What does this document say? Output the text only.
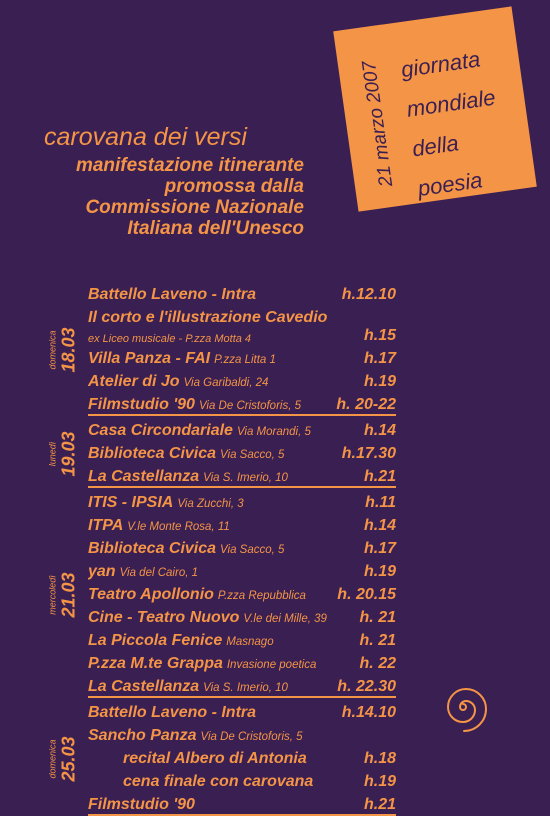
21 marzo 2007 giornata
mondiale
della
poesia
carovana dei versi
manifestazione itinerante
promossa dalla
Commissione Nazionale
Italiana dell'Unesco
domenica 18.03
Battello Laveno - Intra	h.12.10
Il corto e l'illustrazione Cavedio
ex Liceo musicale - P.zza Motta 4	h.15
Villa Panza - FAI P.zza Litta 1	h.17
Atelier di Jo Via Garibaldi, 24	h.19
Filmstudio '90 Via De Cristoforis, 5 h. 20-22
lunedì 19.03
Casa Circondariale Via Morandi, 5	h.14
Biblioteca Civica Via Sacco, 5	h.17.30
La Castellanza Via S. Imerio, 10	h.21
mercoledì 21.03
ITIS - IPSIA Via Zucchi, 3	h.11
ITPA V.le Monte Rosa, 11	h.14
Biblioteca Civica Via Sacco, 5	h.17
yan Via del Cairo, 1	h.19
Teatro Apollonio P.zza Repubblica h. 20.15
Cine - Teatro Nuovo V.le dei Mille, 39 h. 21
La Piccola Fenice Masnago	h. 21
P.zza M.te Grappa Invasione poetica	h. 22
La Castellanza Via S. Imerio, 10	h. 22.30
domenica 25.03
Battello Laveno - Intra	h.14.10
Sancho Panza Via De Cristoforis, 5
recital Albero di Antonia	h.18
cena finale con carovana	h.19
Filmstudio '90	h.21
